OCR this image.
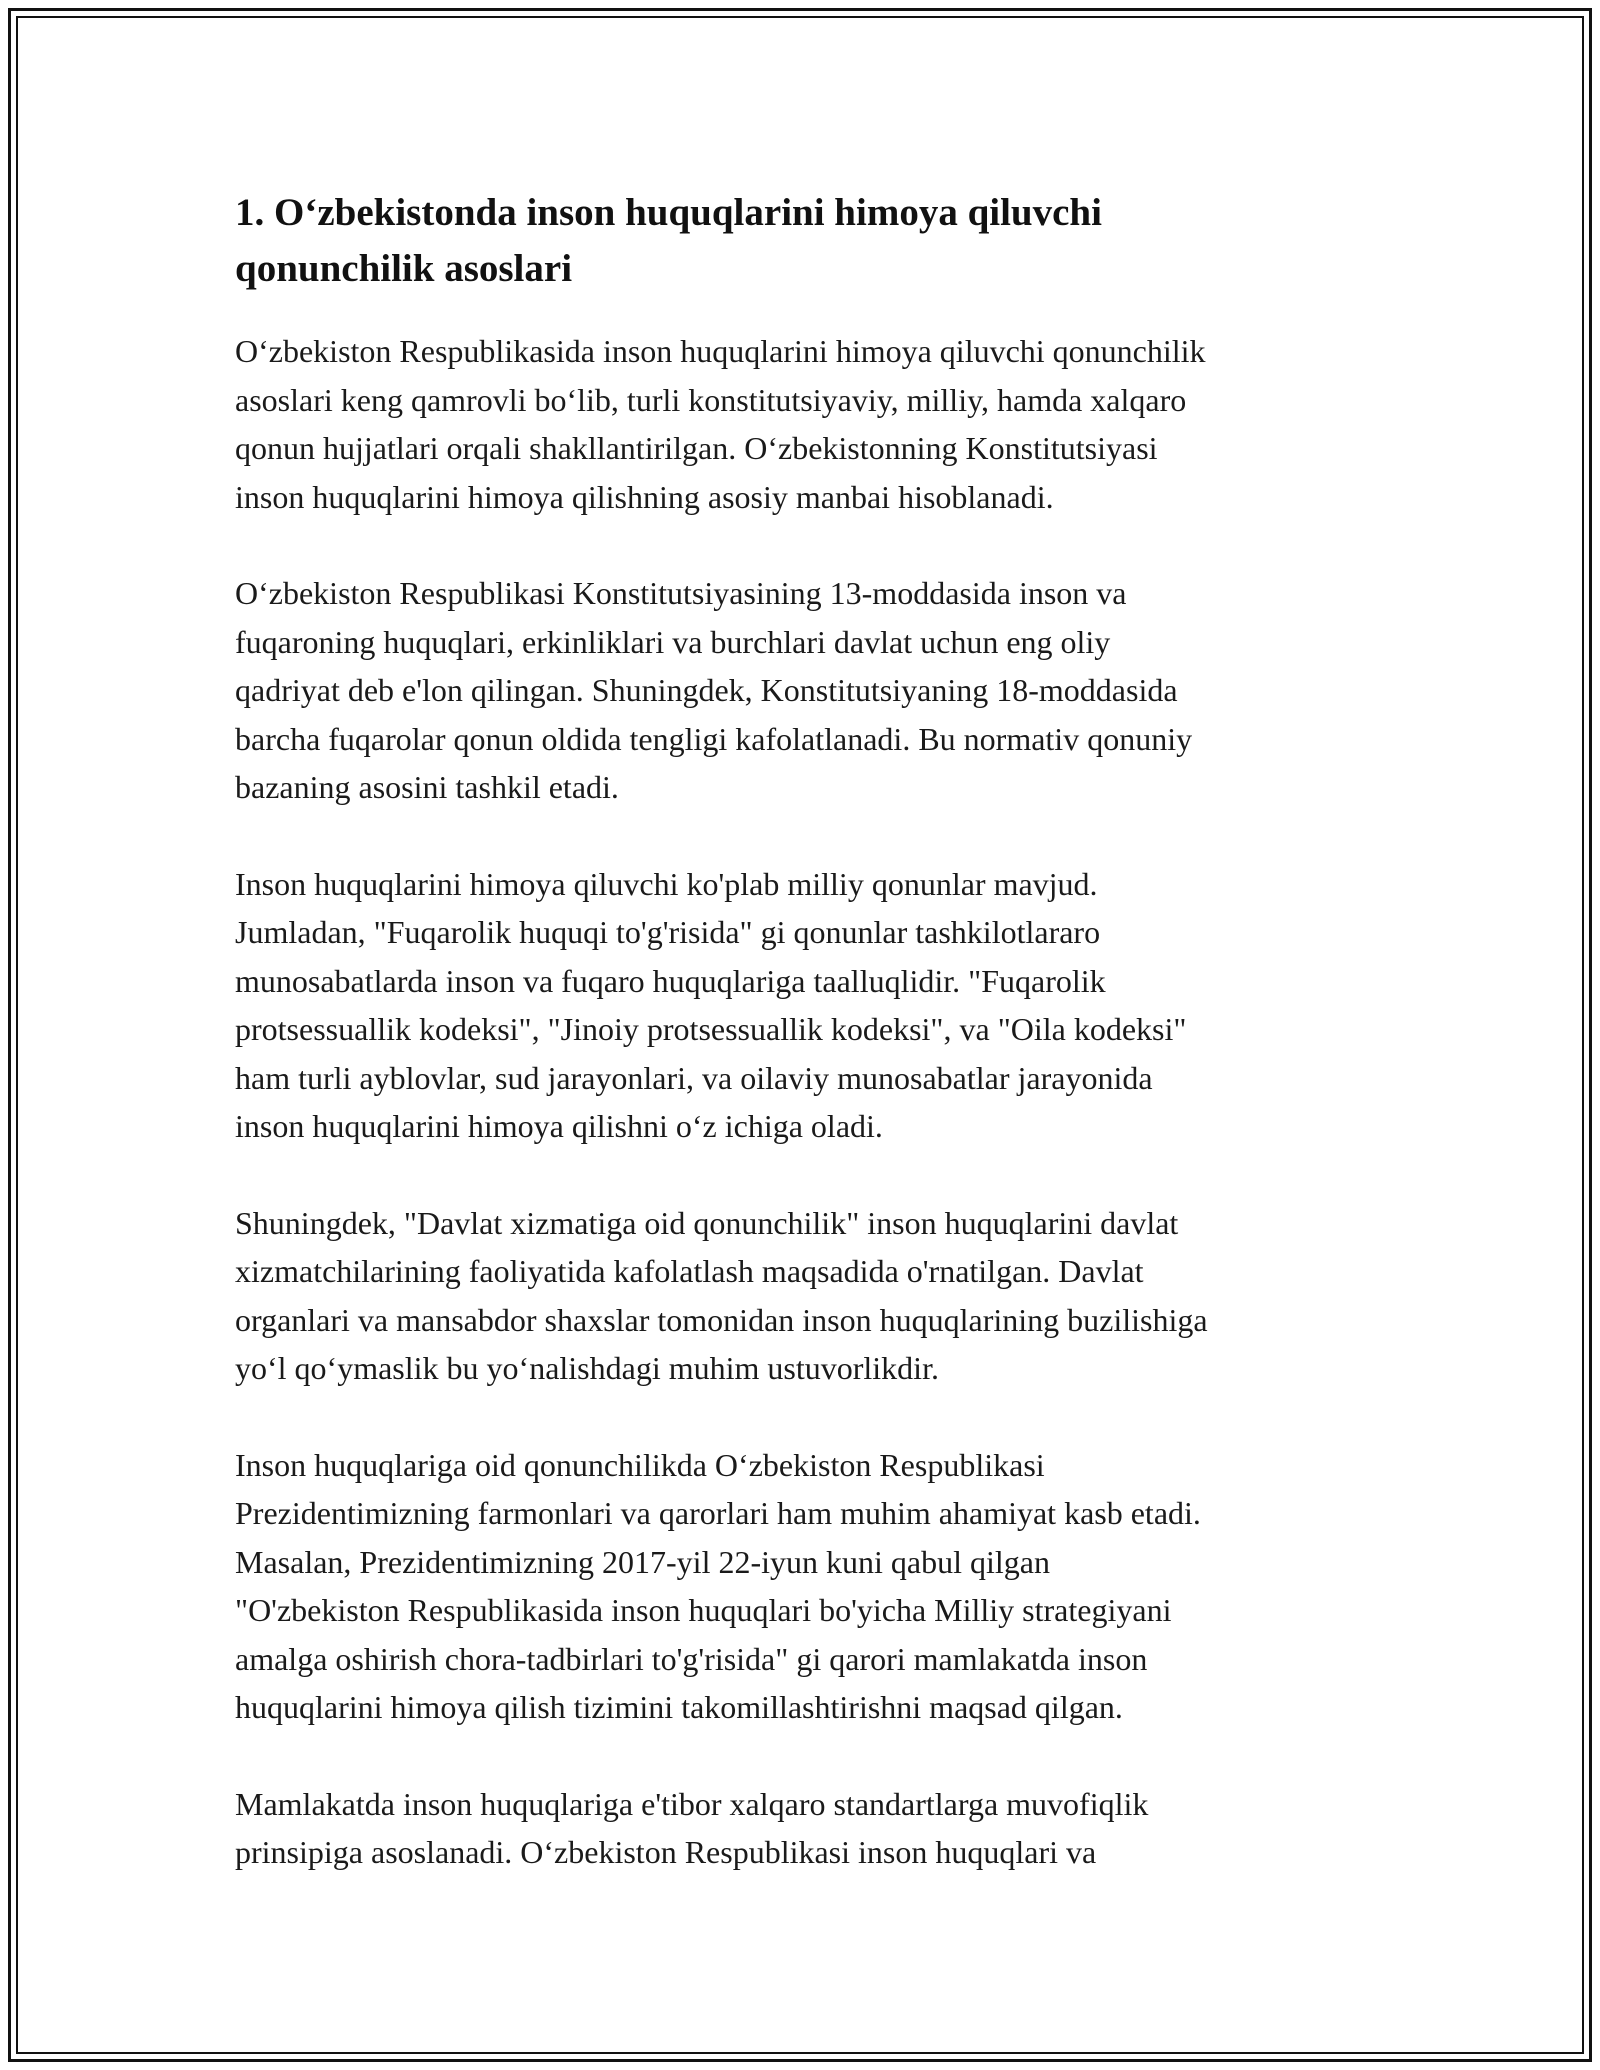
1. O‘zbekistonda inson huquqlarini himoya qiluvchi
qonunchilik asoslari

O‘zbekiston Respublikasida inson huquqlarini himoya qiluvchi qonunchilik
asoslari keng qamrovli bo‘lib, turli konstitutsiyaviy, milliy, hamda xalqaro
qonun hujjatlari orqali shakllantirilgan. O‘zbekistonning Konstitutsiyasi
inson huquqlarini himoya qilishning asosiy manbai hisoblanadi.

O‘zbekiston Respublikasi Konstitutsiyasining 13-moddasida inson va
fuqaroning huquqlari, erkinliklari va burchlari davlat uchun eng oliy
qadriyat deb e'lon qilingan. Shuningdek, Konstitutsiyaning 18-moddasida
barcha fuqarolar qonun oldida tengligi kafolatlanadi. Bu normativ qonuniy
bazaning asosini tashkil etadi.

Inson huquqlarini himoya qiluvchi ko'plab milliy qonunlar mavjud.
Jumladan, "Fuqarolik huquqi to'g'risida" gi qonunlar tashkilotlararo
munosabatlarda inson va fuqaro huquqlariga taalluqlidir. "Fuqarolik
protsessuallik kodeksi", "Jinoiy protsessuallik kodeksi", va "Oila kodeksi"
ham turli ayblovlar, sud jarayonlari, va oilaviy munosabatlar jarayonida
inson huquqlarini himoya qilishni o‘z ichiga oladi.

Shuningdek, "Davlat xizmatiga oid qonunchilik" inson huquqlarini davlat
xizmatchilarining faoliyatida kafolatlash maqsadida o'rnatilgan. Davlat
organlari va mansabdor shaxslar tomonidan inson huquqlarining buzilishiga
yo‘l qo‘ymaslik bu yo‘nalishdagi muhim ustuvorlikdir.

Inson huquqlariga oid qonunchilikda O‘zbekiston Respublikasi
Prezidentimizning farmonlari va qarorlari ham muhim ahamiyat kasb etadi.
Masalan, Prezidentimizning 2017-yil 22-iyun kuni qabul qilgan
"O'zbekiston Respublikasida inson huquqlari bo'yicha Milliy strategiyani
amalga oshirish chora-tadbirlari to'g'risida" gi qarori mamlakatda inson
huquqlarini himoya qilish tizimini takomillashtirishni maqsad qilgan.

Mamlakatda inson huquqlariga e'tibor xalqaro standartlarga muvofiqlik
prinsipiga asoslanadi. O‘zbekiston Respublikasi inson huquqlari va
